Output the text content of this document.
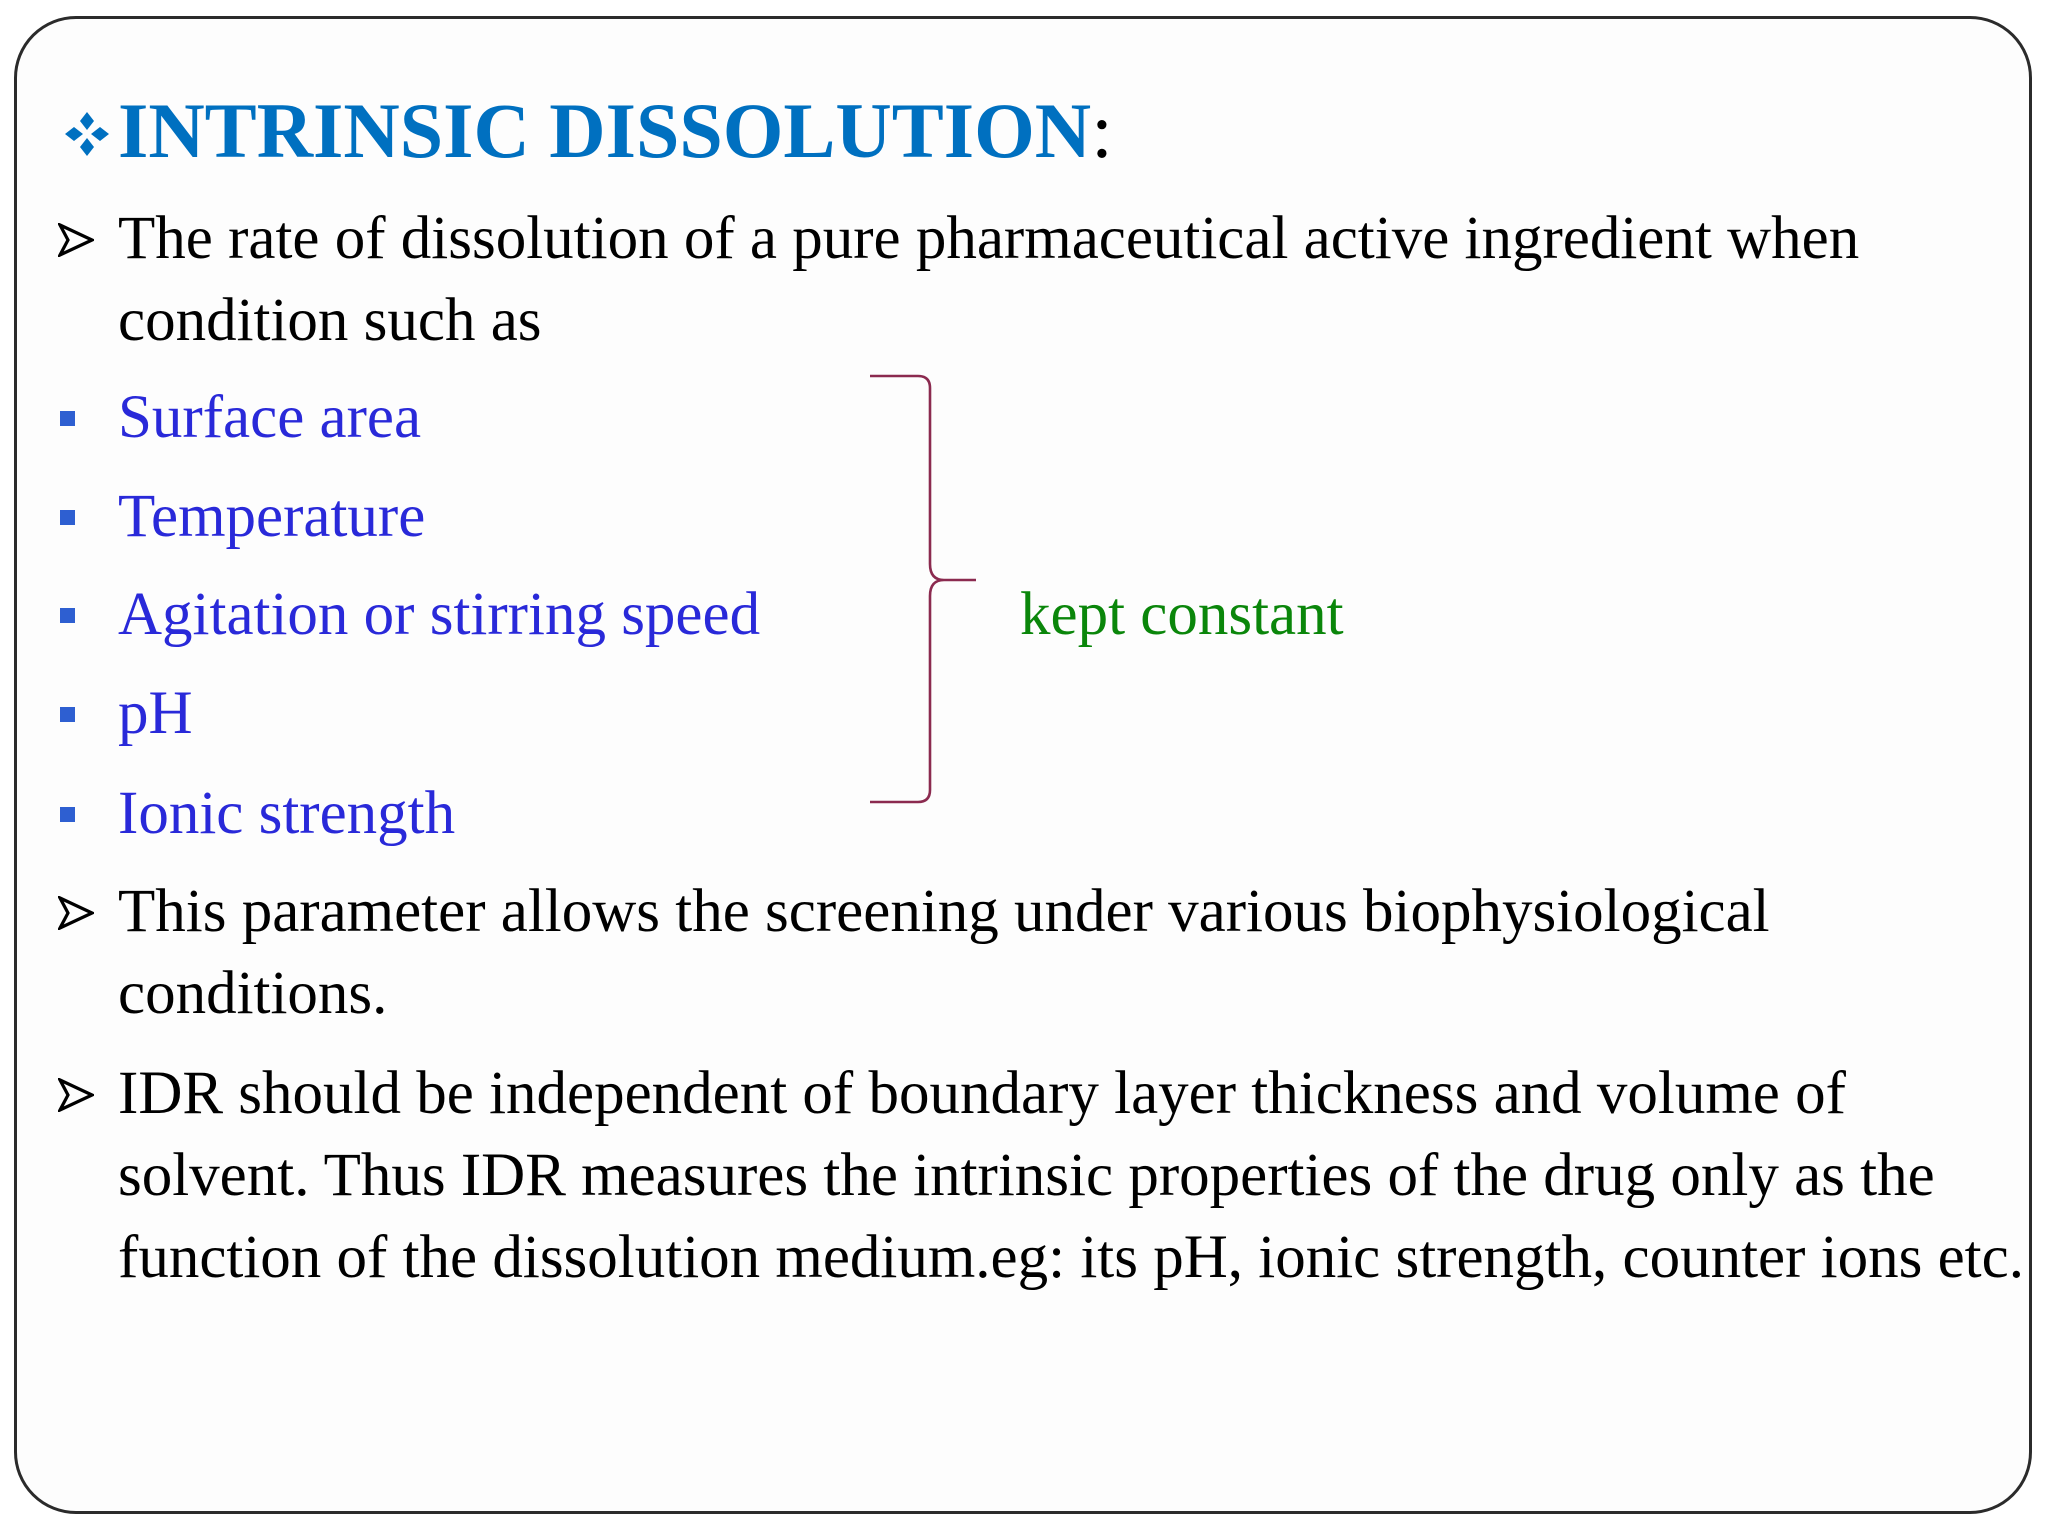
INTRINSIC DISSOLUTION:
The rate of dissolution of a pure pharmaceutical active ingredient when condition such as
Surface area
Temperature
Agitation or stirring speed
pH
Ionic strength
kept constant
This parameter allows the screening under various biophysiological conditions.
IDR should be independent of boundary layer thickness and volume of solvent. Thus IDR measures the intrinsic properties of the drug only as the function of the dissolution medium.eg: its pH, ionic strength, counter ions etc.
